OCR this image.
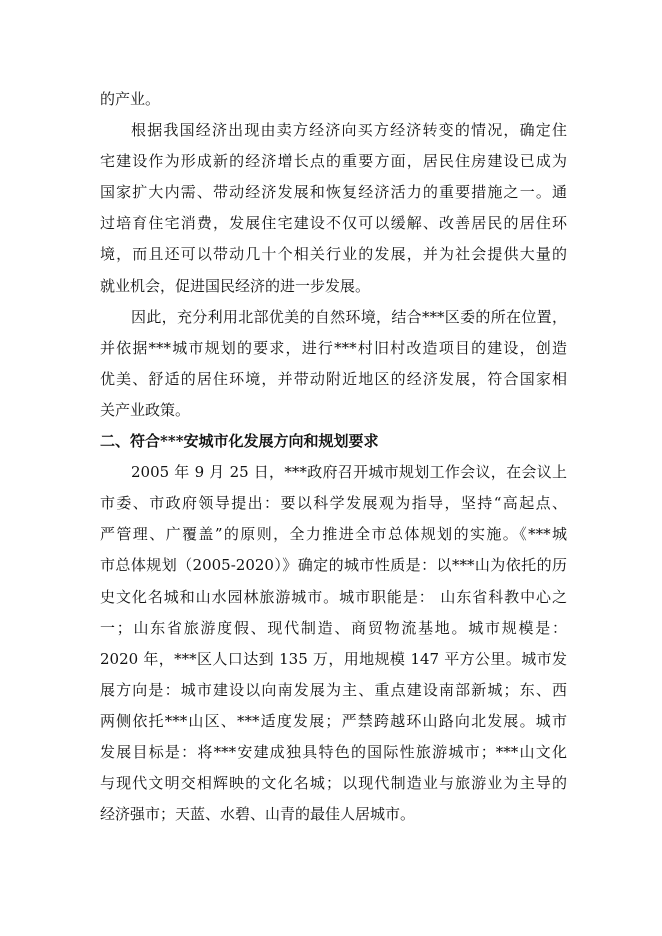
的产业。
根据我国经济出现由卖方经济向买方经济转变的情况，确定住
宅建设作为形成新的经济增长点的重要方面，居民住房建设已成为
国家扩大内需、带动经济发展和恢复经济活力的重要措施之一。通
过培育住宅消费，发展住宅建设不仅可以缓解、改善居民的居住环
境，而且还可以带动几十个相关行业的发展，并为社会提供大量的
就业机会，促进国民经济的进一步发展。
因此，充分利用北部优美的自然环境，结合***区委的所在位置，
并依据***城市规划的要求，进行***村旧村改造项目的建设，创造
优美、舒适的居住环境，并带动附近地区的经济发展，符合国家相
关产业政策。
二、符合***安城市化发展方向和规划要求
2005 年 9 月 25 日，***政府召开城市规划工作会议，在会议上
市委、市政府领导提出：要以科学发展观为指导，坚持“高起点、
严管理、广覆盖”的原则，全力推进全市总体规划的实施。《***城
市总体规划（2005-2020）》确定的城市性质是：以***山为依托的历
史文化名城和山水园林旅游城市。城市职能是： 山东省科教中心之
一；山东省旅游度假、现代制造、商贸物流基地。城市规模是：
2020 年，***区人口达到 135 万，用地规模 147 平方公里。城市发
展方向是：城市建设以向南发展为主、重点建设南部新城；东、西
两侧依托***山区、***适度发展；严禁跨越环山路向北发展。城市
发展目标是：将***安建成独具特色的国际性旅游城市；***山文化
与现代文明交相辉映的文化名城；以现代制造业与旅游业为主导的
经济强市；天蓝、水碧、山青的最佳人居城市。
